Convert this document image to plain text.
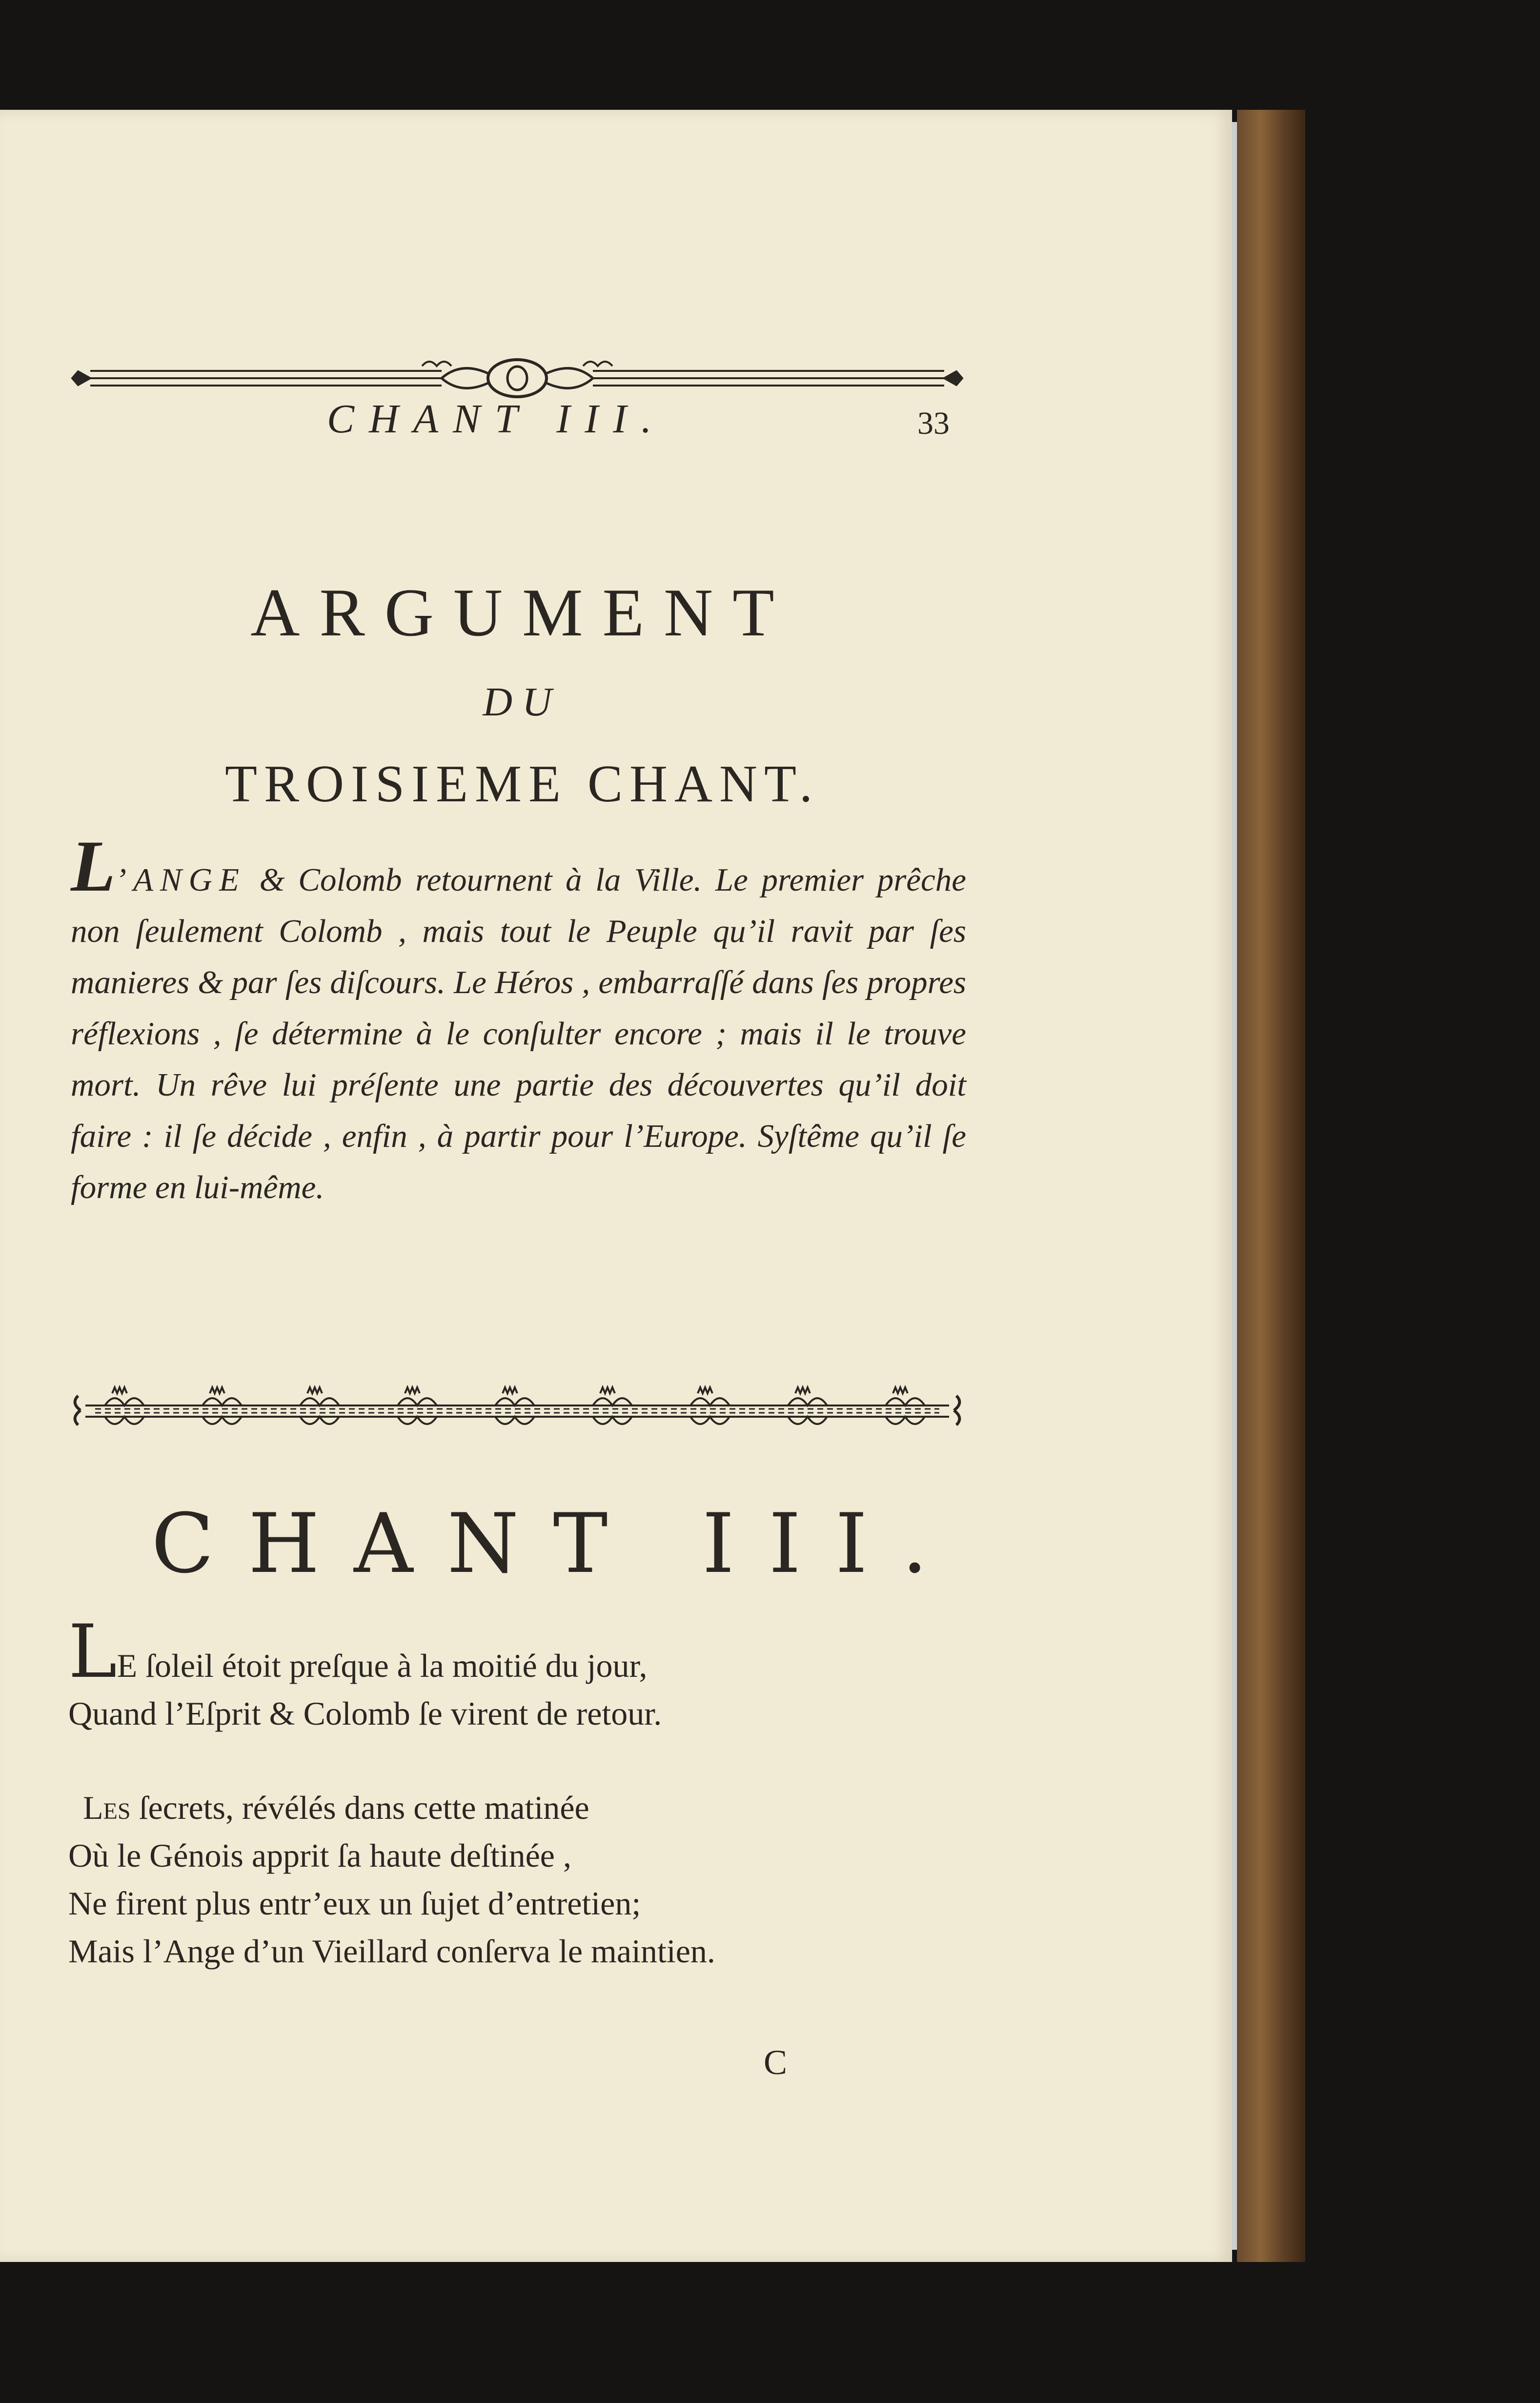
CHANT III.	33
ARGUMENT
DU
TROISIEME CHANT.

L’ANGE & Colomb retournent à la Ville. Le premier prêche non ſeulement Colomb , mais tout le Peuple qu’il ravit par ſes manieres & par ſes diſcours. Le Héros , embarraſſé dans ſes propres réflexions , ſe détermine à le conſulter encore ; mais il le trouve mort. Un rêve lui préſente une partie des découvertes qu’il doit faire : il ſe décide , enfin , à partir pour l’Europe. Syſtême qu’il ſe forme en lui-même.

CHANT III.
LE ſoleil étoit preſque à la moitié du jour,
Quand l’Eſprit & Colomb ſe virent de retour.
Les ſecrets, révélés dans cette matinée
Où le Génois apprit ſa haute deſtinée ,
Ne firent plus entr’eux un ſujet d’entretien;
Mais l’Ange d’un Vieillard conſerva le maintien.
C
